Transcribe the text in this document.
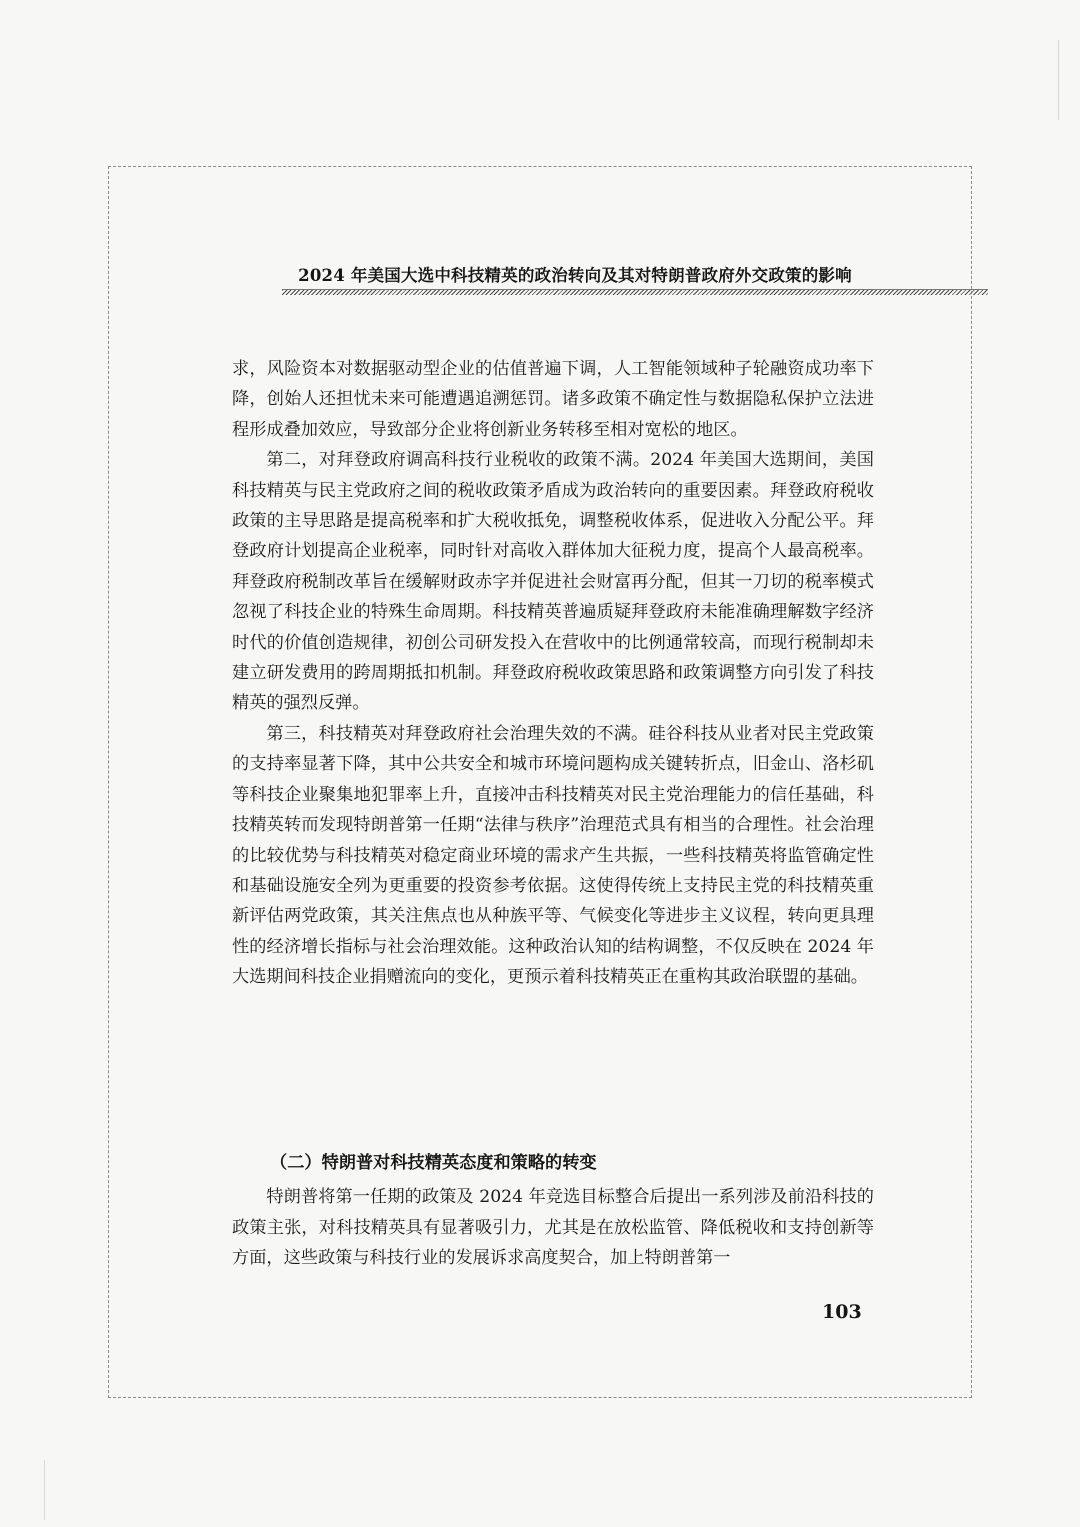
2024 年美国大选中科技精英的政治转向及其对特朗普政府外交政策的影响

求，风险资本对数据驱动型企业的估值普遍下调，人工智能领域种子轮融资成功率下降，创始人还担忧未来可能遭遇追溯惩罚。诸多政策不确定性与数据隐私保护立法进程形成叠加效应，导致部分企业将创新业务转移至相对宽松的地区。

第二，对拜登政府调高科技行业税收的政策不满。2024 年美国大选期间，美国科技精英与民主党政府之间的税收政策矛盾成为政治转向的重要因素。拜登政府税收政策的主导思路是提高税率和扩大税收抵免，调整税收体系，促进收入分配公平。拜登政府计划提高企业税率，同时针对高收入群体加大征税力度，提高个人最高税率。拜登政府税制改革旨在缓解财政赤字并促进社会财富再分配，但其一刀切的税率模式忽视了科技企业的特殊生命周期。科技精英普遍质疑拜登政府未能准确理解数字经济时代的价值创造规律，初创公司研发投入在营收中的比例通常较高，而现行税制却未建立研发费用的跨周期抵扣机制。拜登政府税收政策思路和政策调整方向引发了科技精英的强烈反弹。

第三，科技精英对拜登政府社会治理失效的不满。硅谷科技从业者对民主党政策的支持率显著下降，其中公共安全和城市环境问题构成关键转折点，旧金山、洛杉矶等科技企业聚集地犯罪率上升，直接冲击科技精英对民主党治理能力的信任基础，科技精英转而发现特朗普第一任期“法律与秩序”治理范式具有相当的合理性。社会治理的比较优势与科技精英对稳定商业环境的需求产生共振，一些科技精英将监管确定性和基础设施安全列为更重要的投资参考依据。这使得传统上支持民主党的科技精英重新评估两党政策，其关注焦点也从种族平等、气候变化等进步主义议程，转向更具理性的经济增长指标与社会治理效能。这种政治认知的结构调整，不仅反映在 2024 年大选期间科技企业捐赠流向的变化，更预示着科技精英正在重构其政治联盟的基础。

（二）特朗普对科技精英态度和策略的转变

特朗普将第一任期的政策及 2024 年竞选目标整合后提出一系列涉及前沿科技的政策主张，对科技精英具有显著吸引力，尤其是在放松监管、降低税收和支持创新等方面，这些政策与科技行业的发展诉求高度契合，加上特朗普第一

103
